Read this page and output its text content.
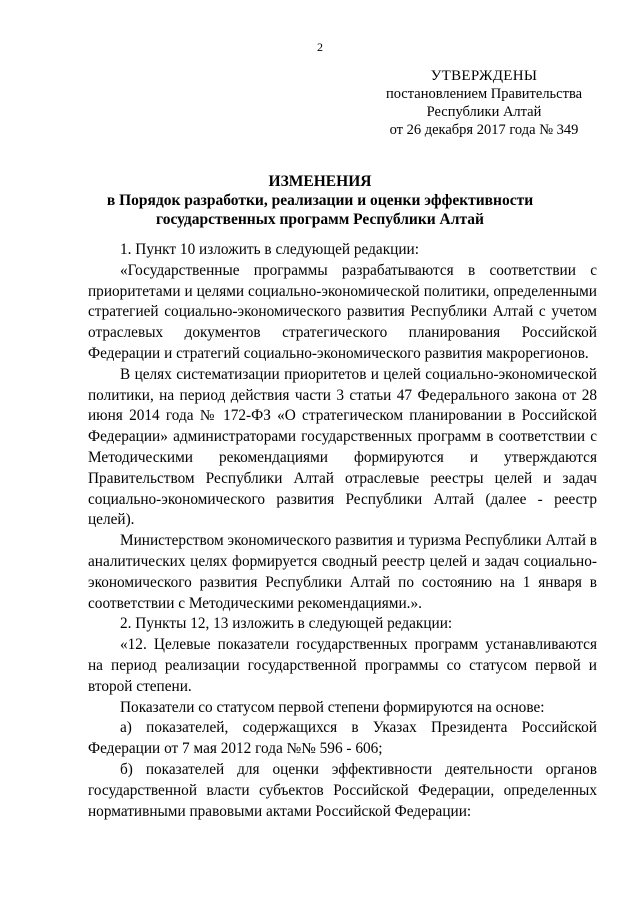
2
УТВЕРЖДЕНЫ
постановлением Правительства
Республики Алтай
от 26 декабря 2017 года № 349
ИЗМЕНЕНИЯ
в Порядок разработки, реализации и оценки эффективности
государственных программ Республики Алтай

1. Пункт 10 изложить в следующей редакции:

«Государственные программы разрабатываются в соответствии с приоритетами и целями социально-экономической политики, определенными стратегией социально-экономического развития Республики Алтай с учетом отраслевых документов стратегического планирования Российской Федерации и стратегий социально-экономического развития макрорегионов.

В целях систематизации приоритетов и целей социально-экономической политики, на период действия части 3 статьи 47 Федерального закона от 28 июня 2014 года № 172-ФЗ «О стратегическом планировании в Российской Федерации» администраторами государственных программ в соответствии с Методическими рекомендациями формируются и утверждаются Правительством Республики Алтай отраслевые реестры целей и задач социально-экономического развития Республики Алтай (далее - реестр целей).

Министерством экономического развития и туризма Республики Алтай в аналитических целях формируется сводный реестр целей и задач социально-экономического развития Республики Алтай по состоянию на 1 января в соответствии с Методическими рекомендациями.».

2. Пункты 12, 13 изложить в следующей редакции:

«12. Целевые показатели государственных программ устанавливаются на период реализации государственной программы со статусом первой и второй степени.

Показатели со статусом первой степени формируются на основе:

а) показателей, содержащихся в Указах Президента Российской Федерации от 7 мая 2012 года №№ 596 - 606;

б) показателей для оценки эффективности деятельности органов государственной власти субъектов Российской Федерации, определенных нормативными правовыми актами Российской Федерации:
